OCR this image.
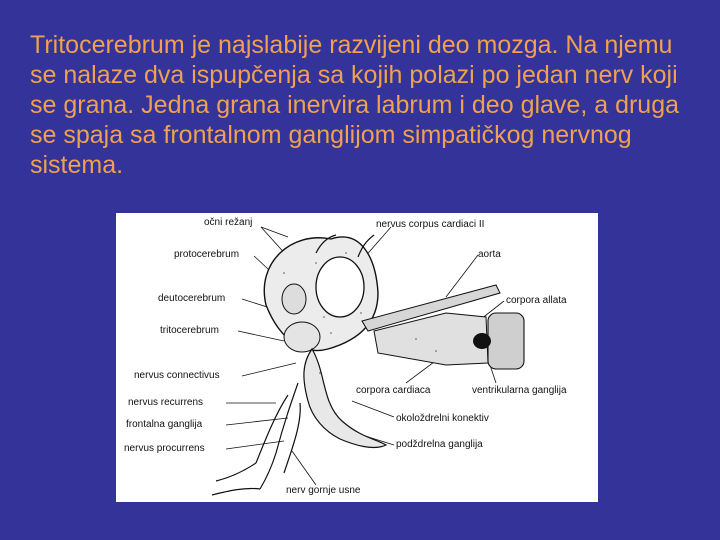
Tritocerebrum je najslabije razvijeni deo mozga. Na njemu se nalaze dva ispupčenja sa kojih polazi po jedan nerv koji se grana. Jedna grana inervira labrum i deo glave, a druga se spaja sa frontalnom ganglijom simpatičkog nervnog sistema.

očni režanj
protocerebrum
deutocerebrum
tritocerebrum
nervus connectivus
nervus recurrens
frontalna ganglija
nervus procurrens
nervus corpus cardiaci II
aorta
corpora allata
corpora cardiaca	ventrikularna ganglija
okoloždrelni konektiv
podždrelna ganglija
nerv gornje usne
